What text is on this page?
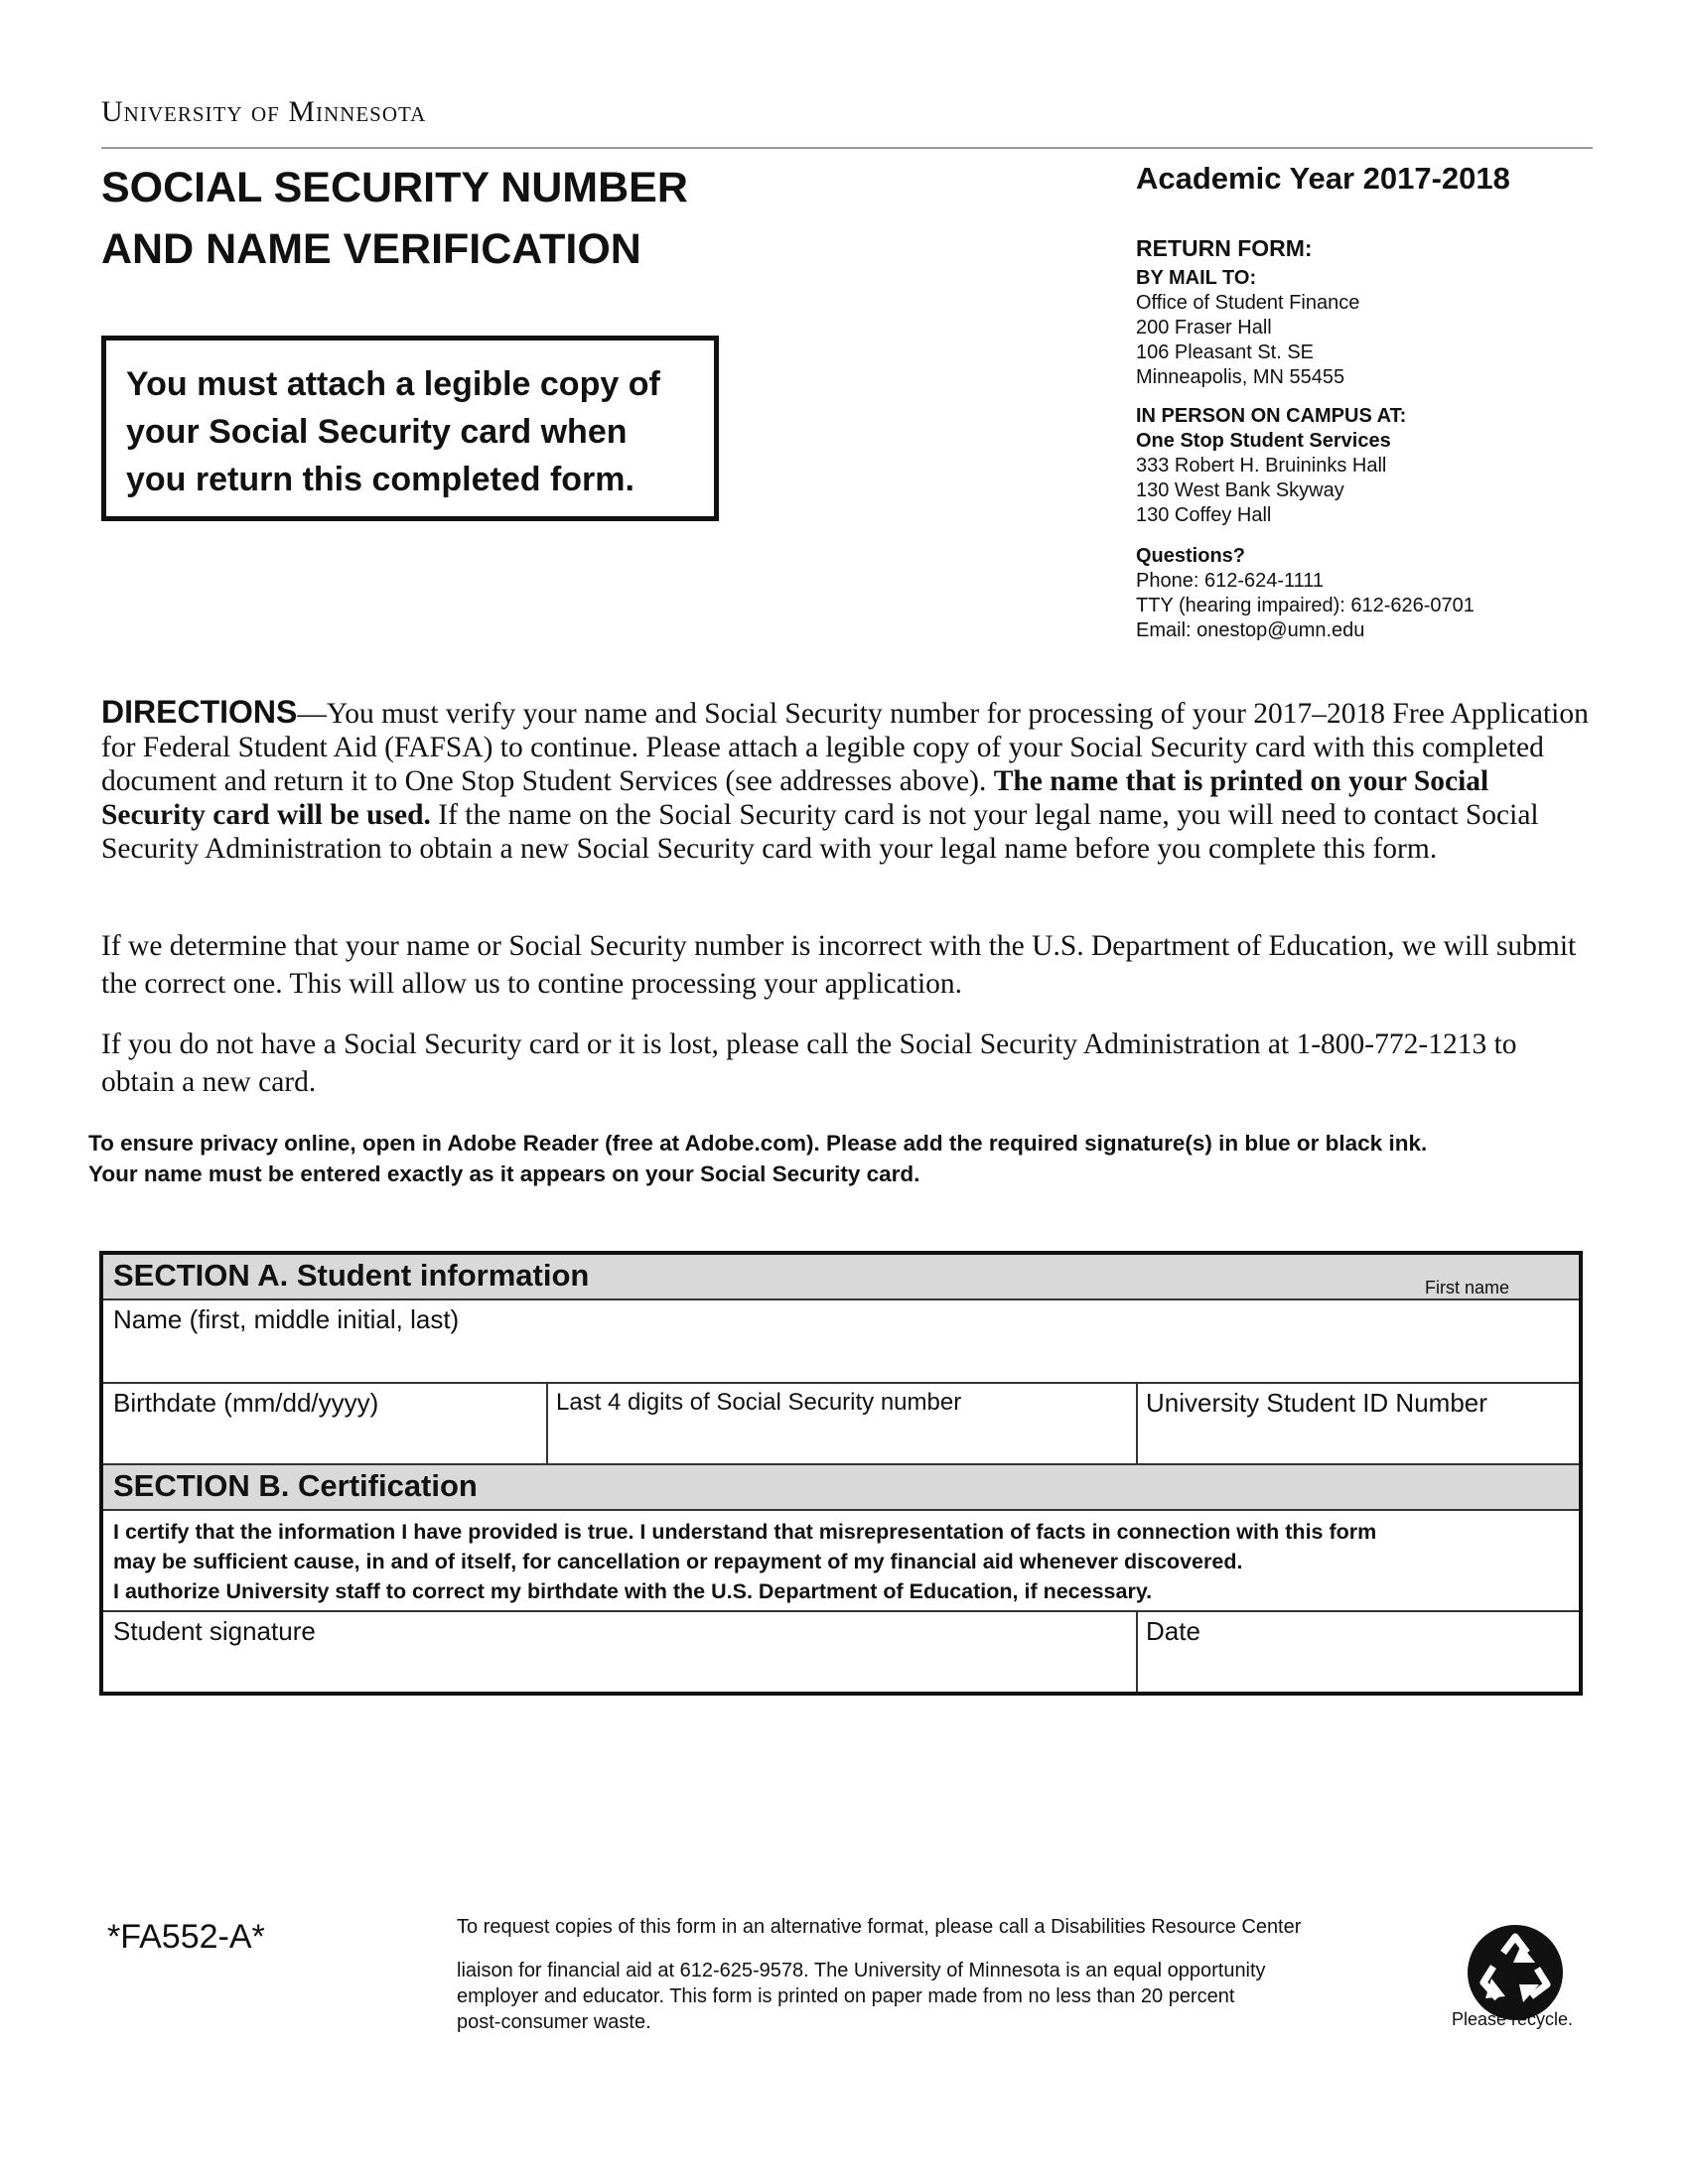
University of Minnesota
SOCIAL SECURITY NUMBER
AND NAME VERIFICATION
You must attach a legible copy of your Social Security card when you return this completed form.
Academic Year 2017-2018
RETURN FORM:
BY MAIL TO:
Office of Student Finance
200 Fraser Hall
106 Pleasant St. SE
Minneapolis, MN 55455
IN PERSON ON CAMPUS AT:
One Stop Student Services
333 Robert H. Bruininks Hall
130 West Bank Skyway
130 Coffey Hall
Questions?
Phone: 612-624-1111
TTY (hearing impaired): 612-626-0701
Email: onestop@umn.edu
DIRECTIONS—You must verify your name and Social Security number for processing of your 2017–2018 Free Application for Federal Student Aid (FAFSA) to continue. Please attach a legible copy of your Social Security card with this completed document and return it to One Stop Student Services (see addresses above). The name that is printed on your Social Security card will be used. If the name on the Social Security card is not your legal name, you will need to contact Social Security Administration to obtain a new Social Security card with your legal name before you complete this form.
If we determine that your name or Social Security number is incorrect with the U.S. Department of Education, we will submit the correct one. This will allow us to contine processing your application.
If you do not have a Social Security card or it is lost, please call the Social Security Administration at 1-800-772-1213 to obtain a new card.
To ensure privacy online, open in Adobe Reader (free at Adobe.com). Please add the required signature(s) in blue or black ink.
Your name must be entered exactly as it appears on your Social Security card.
SECTION A. Student information	First name
Name (first, middle initial, last)
Birthdate (mm/dd/yyyy)	Last 4 digits of Social Security number	University Student ID Number
SECTION B. Certification
I certify that the information I have provided is true. I understand that misrepresentation of facts in connection with this form
may be sufficient cause, in and of itself, for cancellation or repayment of my financial aid whenever discovered.
I authorize University staff to correct my birthdate with the U.S. Department of Education, if necessary.
Student signature	Date
*FA552-A*	To request copies of this form in an alternative format, please call a Disabilities Resource Center
liaison for financial aid at 612-625-9578. The University of Minnesota is an equal opportunity
employer and educator. This form is printed on paper made from no less than 20 percent
post-consumer waste.	Please recycle.
